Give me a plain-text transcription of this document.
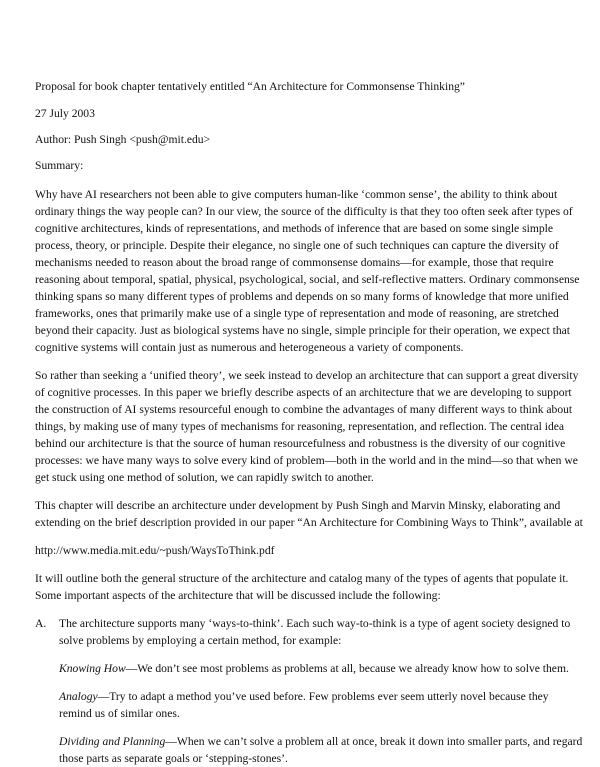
Proposal for book chapter tentatively entitled “An Architecture for Commonsense Thinking”

27 July 2003

Author: Push Singh <push@mit.edu>

Summary:

Why have AI researchers not been able to give computers human-like ‘common sense’, the ability to think about ordinary things the way people can? In our view, the source of the difficulty is that they too often seek after types of cognitive architectures, kinds of representations, and methods of inference that are based on some single simple process, theory, or principle. Despite their elegance, no single one of such techniques can capture the diversity of mechanisms needed to reason about the broad range of commonsense domains—for example, those that require reasoning about temporal, spatial, physical, psychological, social, and self-reflective matters. Ordinary commonsense thinking spans so many different types of problems and depends on so many forms of knowledge that more unified frameworks, ones that primarily make use of a single type of representation and mode of reasoning, are stretched beyond their capacity. Just as biological systems have no single, simple principle for their operation, we expect that cognitive systems will contain just as numerous and heterogeneous a variety of components.

So rather than seeking a ‘unified theory’, we seek instead to develop an architecture that can support a great diversity of cognitive processes. In this paper we briefly describe aspects of an architecture that we are developing to support the construction of AI systems resourceful enough to combine the advantages of many different ways to think about things, by making use of many types of mechanisms for reasoning, representation, and reflection. The central idea behind our architecture is that the source of human resourcefulness and robustness is the diversity of our cognitive processes: we have many ways to solve every kind of problem—both in the world and in the mind—so that when we get stuck using one method of solution, we can rapidly switch to another.

This chapter will describe an architecture under development by Push Singh and Marvin Minsky, elaborating and extending on the brief description provided in our paper “An Architecture for Combining Ways to Think”, available at

http://www.media.mit.edu/~push/WaysToThink.pdf

It will outline both the general structure of the architecture and catalog many of the types of agents that populate it. Some important aspects of the architecture that will be discussed include the following:

A.	The architecture supports many ‘ways-to-think’. Each such way-to-think is a type of agent society designed to solve problems by employing a certain method, for example:

Knowing How—We don’t see most problems as problems at all, because we already know how to solve them.

Analogy—Try to adapt a method you’ve used before. Few problems ever seem utterly novel because they remind us of similar ones.

Dividing and Planning—When we can’t solve a problem all at once, break it down into smaller parts, and regard those parts as separate goals or ‘stepping-stones’.
